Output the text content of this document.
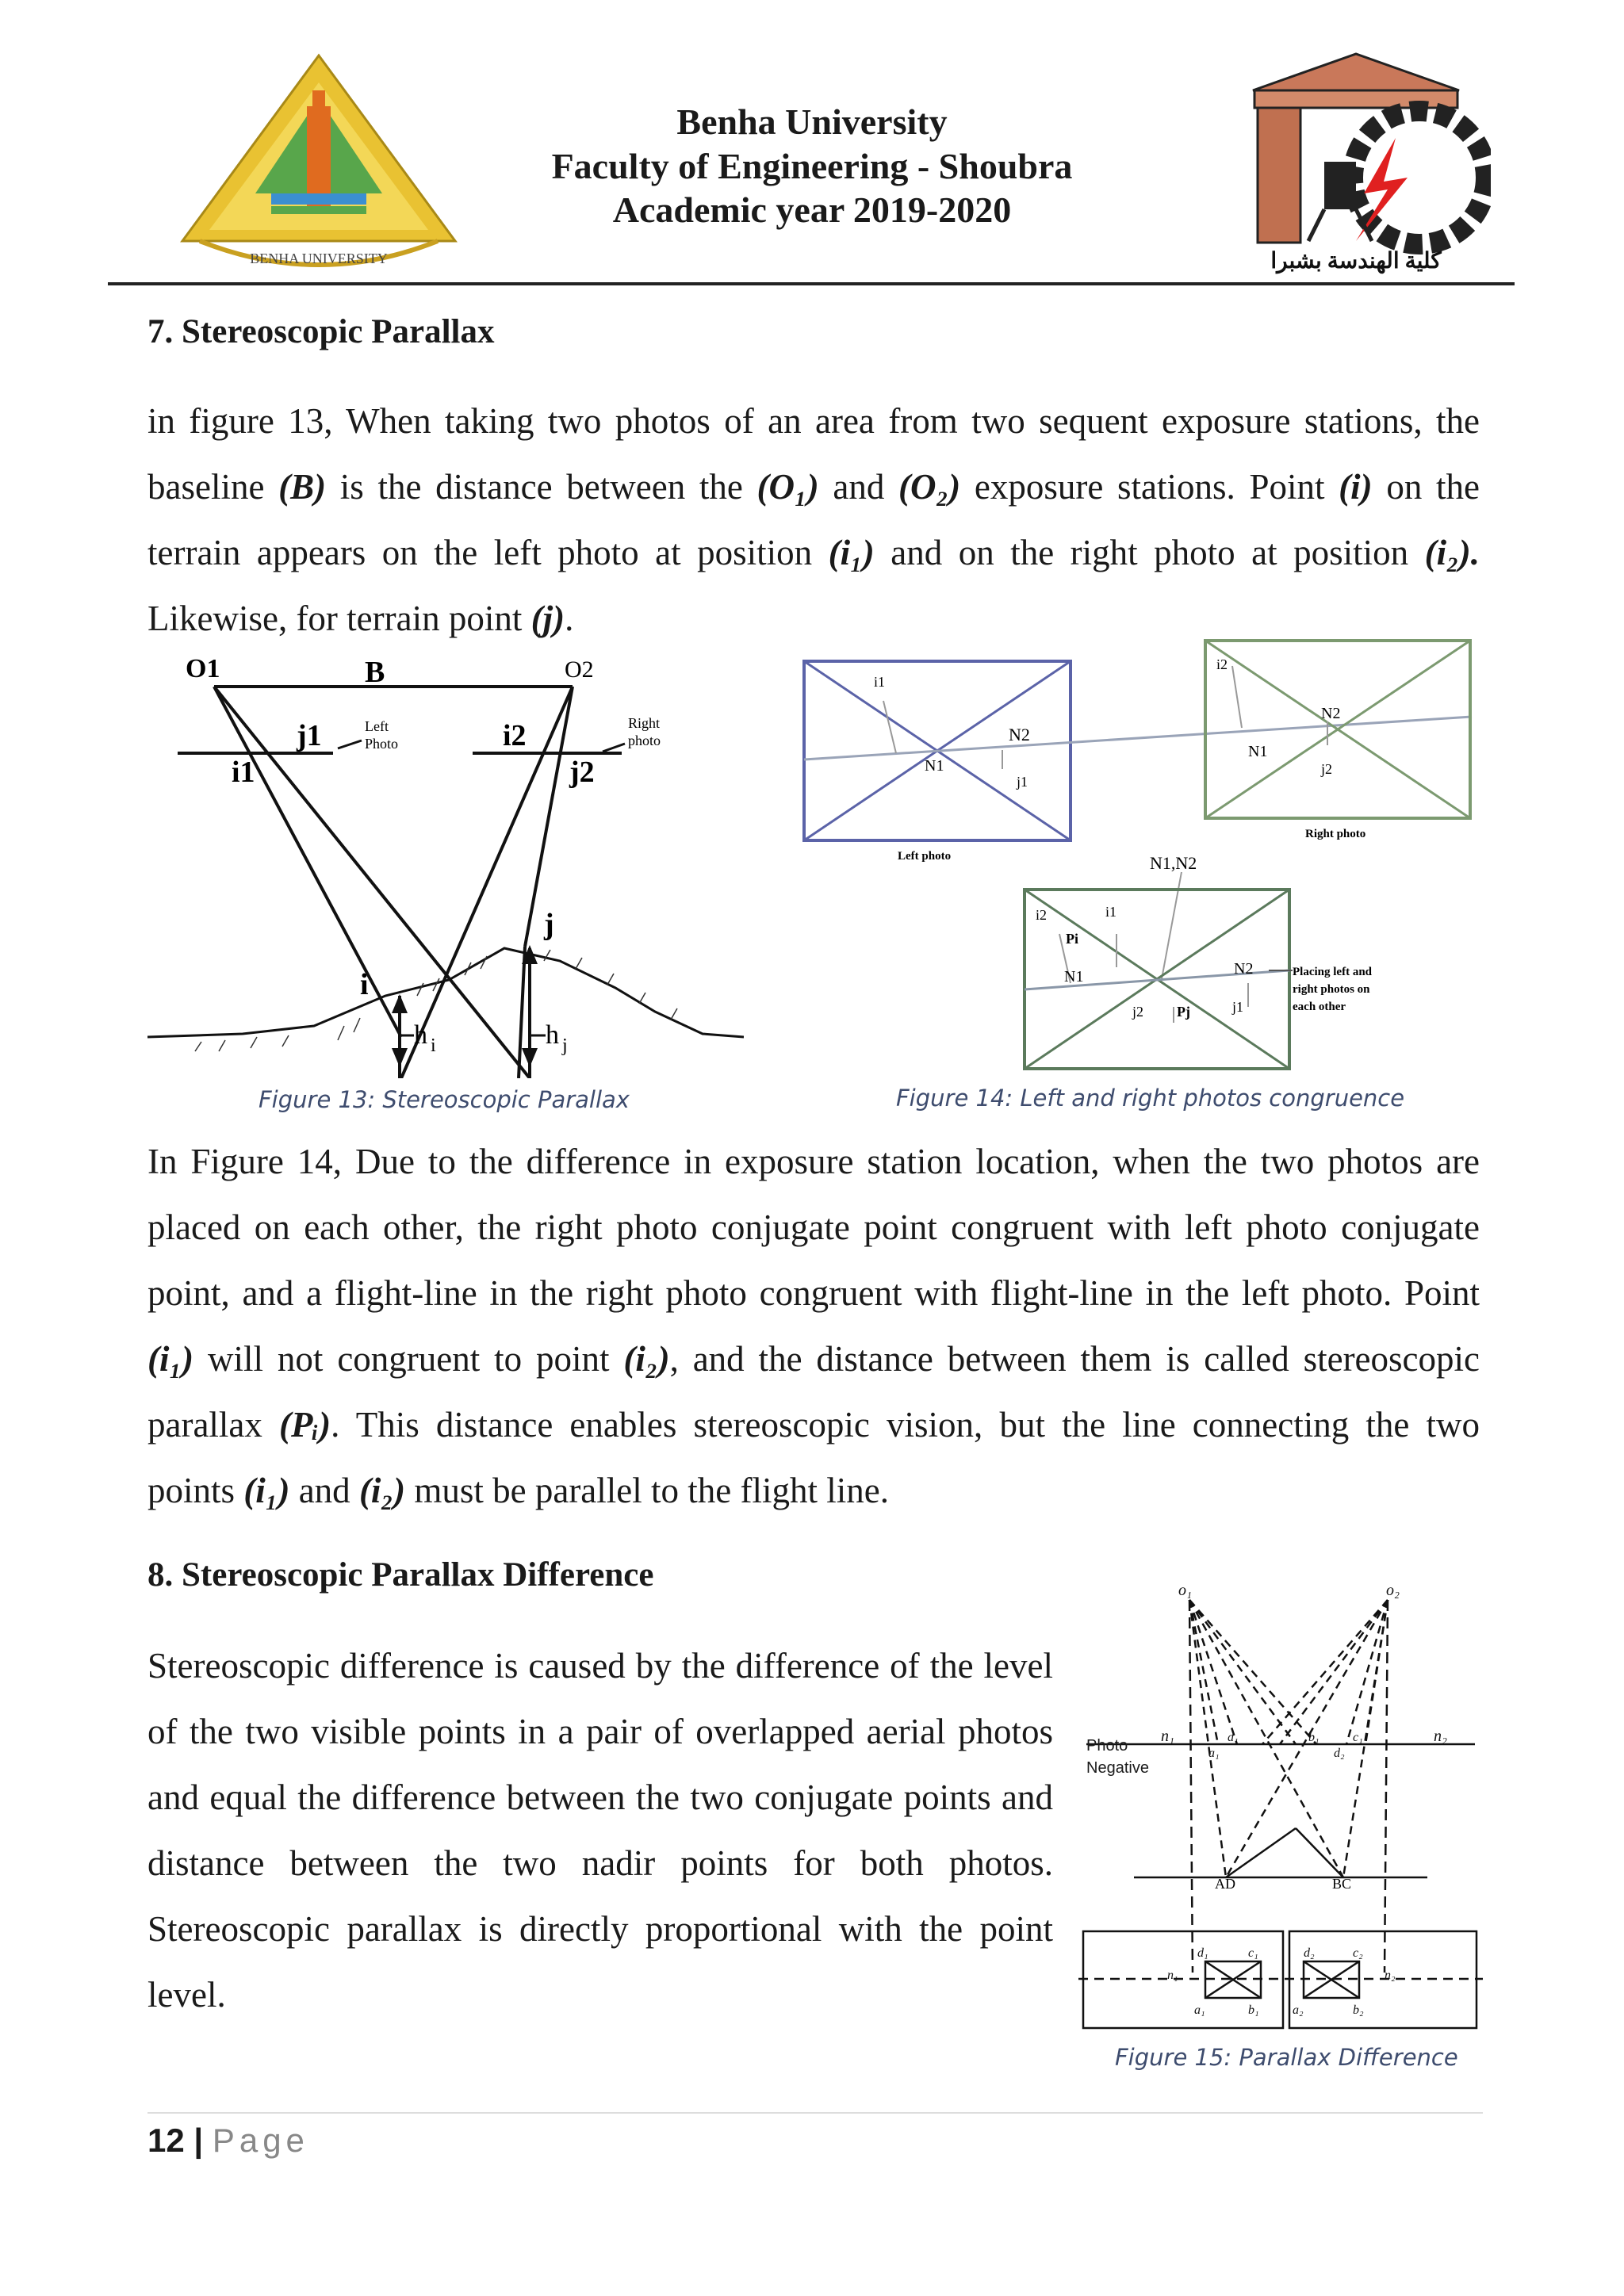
BENHA UNIVERSITY	كلية الهندسة بشبرا
Benha University
Faculty of Engineering - Shoubra
Academic year 2019-2020
7. Stereoscopic Parallax

in figure 13, When taking two photos of an area from two sequent exposure stations, the baseline (B) is the distance between the (O₁) and (O₂) exposure stations. Point (i) on the terrain appears on the left photo at position (i₁) and on the right photo at position (i₂). Likewise, for terrain point (j).

O1	B	O2
j1
i1
i2
j2
Left Photo
Right photo
j
i
h $_i$	h $_j$
Figure 13: Stereoscopic Parallax
i1
N1
N2
j1
Left photo
i2
N2
N1
j2
Right photo
N1,N2
i2	i1
Pi
N1	N2
j2 Pj	j1
Placing left and right photos on each other
Figure 14: Left and right photos congruence

In Figure 14, Due to the difference in exposure station location, when the two photos are placed on each other, the right photo conjugate point congruent with left photo conjugate point, and a flight-line in the right photo congruent with flight-line in the left photo. Point (i₁) will not congruent to point (i₂), and the distance between them is called stereoscopic parallax (Pᵢ). This distance enables stereoscopic vision, but the line connecting the two points (i₁) and (i₂) must be parallel to the flight line.

8. Stereoscopic Parallax Difference
Stereoscopic difference is caused by the difference of the level of the two visible points in a pair of overlapped aerial photos and equal the difference between the two conjugate points and distance between the two nadir points for both photos. Stereoscopic parallax is directly proportional with the point level.
o₁	o₂
n₁	n₂
a₁
b₁
d₁	c₁
d₂
a₁	b₁
c₁
d₁
a₂	b₂
c₂
d₂
n₁	n₂
AD	BC
Photo
Negative
Figure 15: Parallax Difference
12 | Page
